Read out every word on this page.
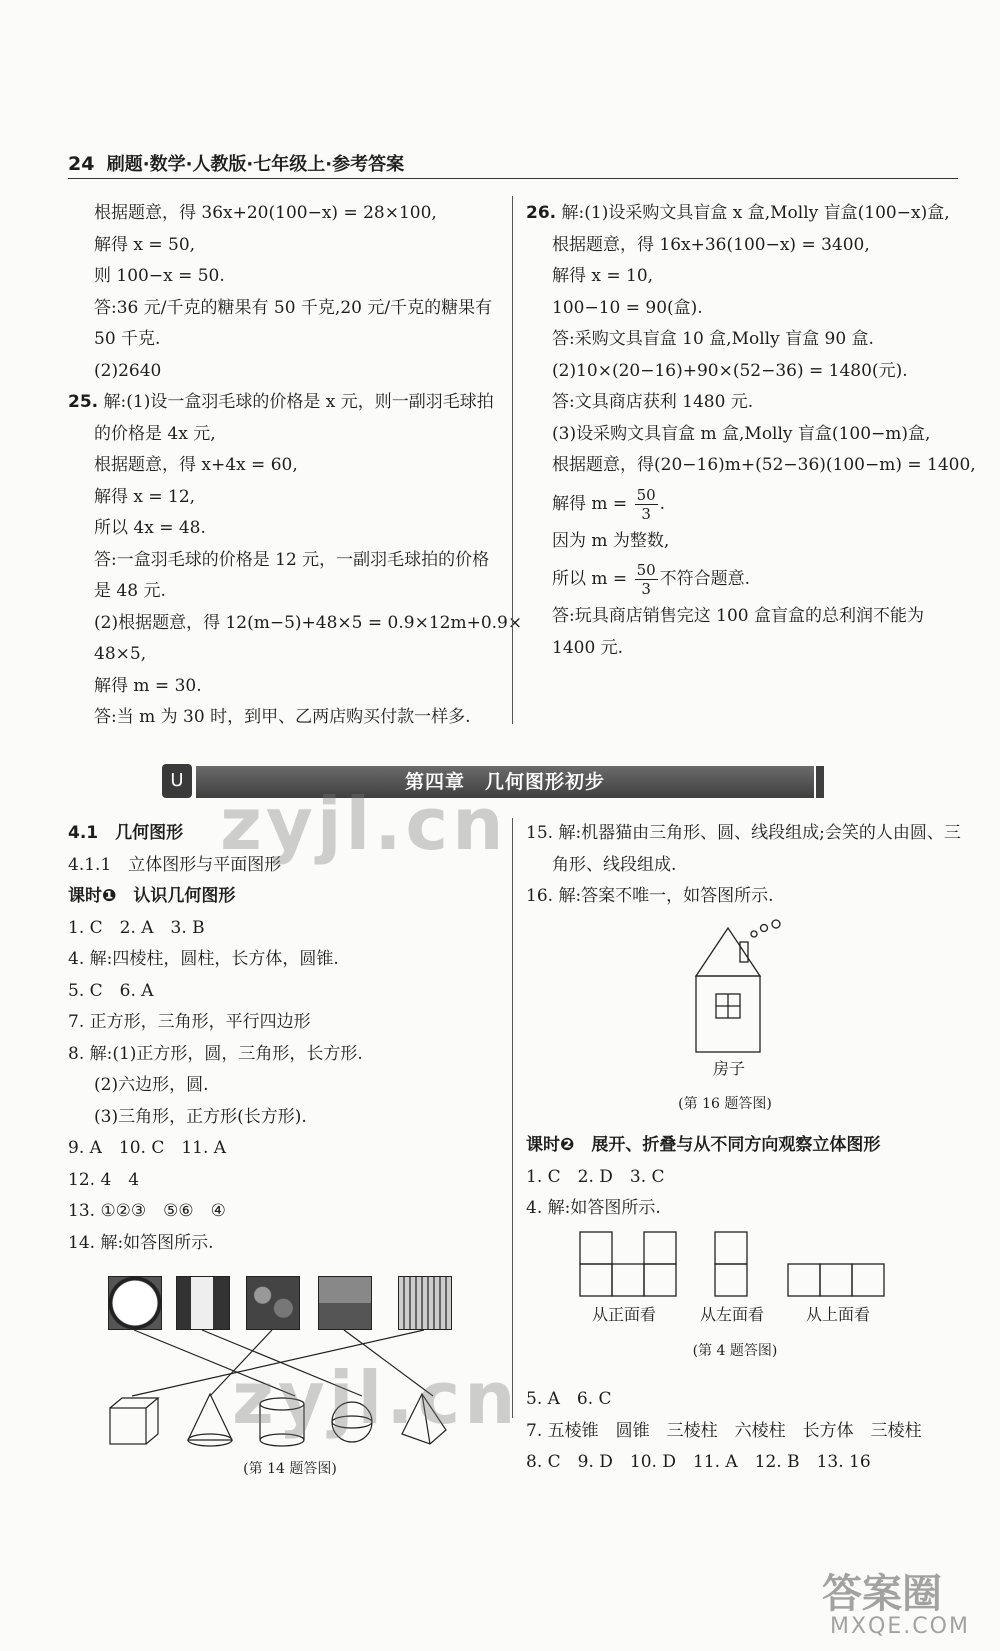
24 刷题·数学·人教版·七年级上·参考答案
根据题意，得 36x+20(100−x) = 28×100,
解得 x = 50,
则 100−x = 50.
答:36 元/千克的糖果有 50 千克,20 元/千克的糖果有
50 千克.
(2)2640
25. 解:(1)设一盒羽毛球的价格是 x 元，则一副羽毛球拍
的价格是 4x 元,
根据题意，得 x+4x = 60,
解得 x = 12,
所以 4x = 48.
答:一盒羽毛球的价格是 12 元，一副羽毛球拍的价格
是 48 元.
(2)根据题意，得 12(m−5)+48×5 = 0.9×12m+0.9×
48×5,
解得 m = 30.
答:当 m 为 30 时，到甲、乙两店购买付款一样多.
26. 解:(1)设采购文具盲盒 x 盒,Molly 盲盒(100−x)盒,
根据题意，得 16x+36(100−x) = 3400,
解得 x = 10,
100−10 = 90(盒).
答:采购文具盲盒 10 盒,Molly 盲盒 90 盒.
(2)10×(20−16)+90×(52−36) = 1480(元).
答:文具商店获利 1480 元.
(3)设采购文具盲盒 m 盒,Molly 盲盒(100−m)盒,
根据题意，得(20−16)m+(52−36)(100−m) = 1400,
解得 $m = \frac{50}{3}$ .
因为 m 为整数,
所以 $m = \frac{50}{3}$ 不符合题意.
答:玩具商店销售完这 100 盒盲盒的总利润不能为
1400 元.
U	第四章　几何图形初步
4.1　几何图形
4.1.1　立体图形与平面图形
课时❶　认识几何图形
1. C　2. A　3. B
4. 解:四棱柱，圆柱，长方体，圆锥.
5. C　6. A
7. 正方形，三角形，平行四边形
8. 解:(1)正方形，圆，三角形，长方形.
(2)六边形，圆.
(3)三角形，正方形(长方形).
9. A　10. C　11. A
12. 4　4
13. ①②③　⑤⑥　④
14. 解:如答图所示.
(第 14 题答图)
15. 解:机器猫由三角形、圆、线段组成;会笑的人由圆、三
角形、线段组成.
16. 解:答案不唯一，如答图所示.
房子
(第 16 题答图)
课时❷　展开、折叠与从不同方向观察立体图形
1. C　2. D　3. C
4. 解:如答图所示.
从正面看	从左面看	从上面看
(第 4 题答图)
5. A　6. C
7. 五棱锥　圆锥　三棱柱　六棱柱　长方体　三棱柱
8. C　9. D　10. D　11. A　12. B　13. 16
zyjl.cn
zyjl.cn
答案圈
MXQE.COM
